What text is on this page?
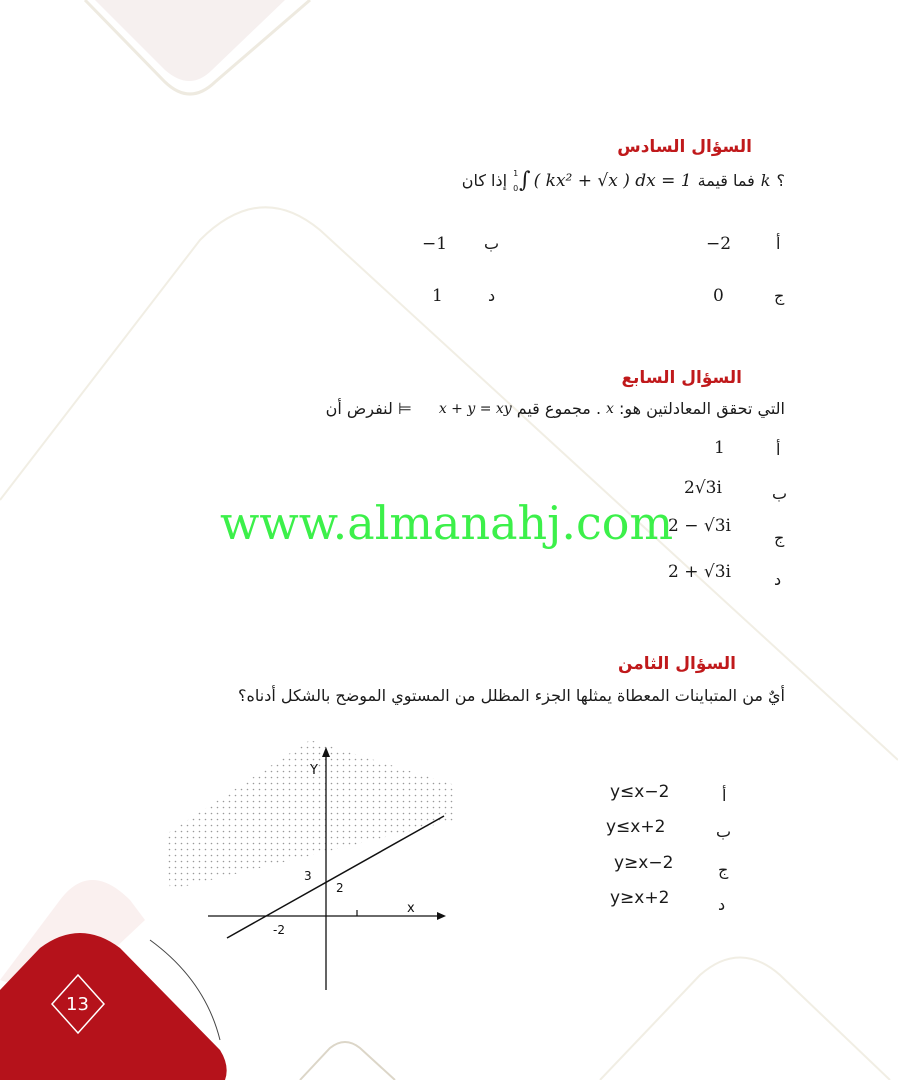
13
السؤال السادس
إذا كان 1
0 ∫ ( kx² + √x ) dx = 1 فما قيمة k ؟
أ
−2
ب
−1
ج
0
د
1
السؤال السابع
لنفرض أن ⫤ x + y = xy . مجموع قيم x التي تحقق المعادلتين هو:
أ
1
ب
2√3i
ج
2 − √3i
د
2 + √3i
www.almanahj.com
السؤال الثامن
أيٌ من المتباينات المعطاة يمثلها الجزء المظلل من المستوي الموضح بالشكل أدناه؟
أ
y≤x−2
ب
y≤x+2
ج
y≥x−2
د
y≥x+2
Y
x
3
2
-2
